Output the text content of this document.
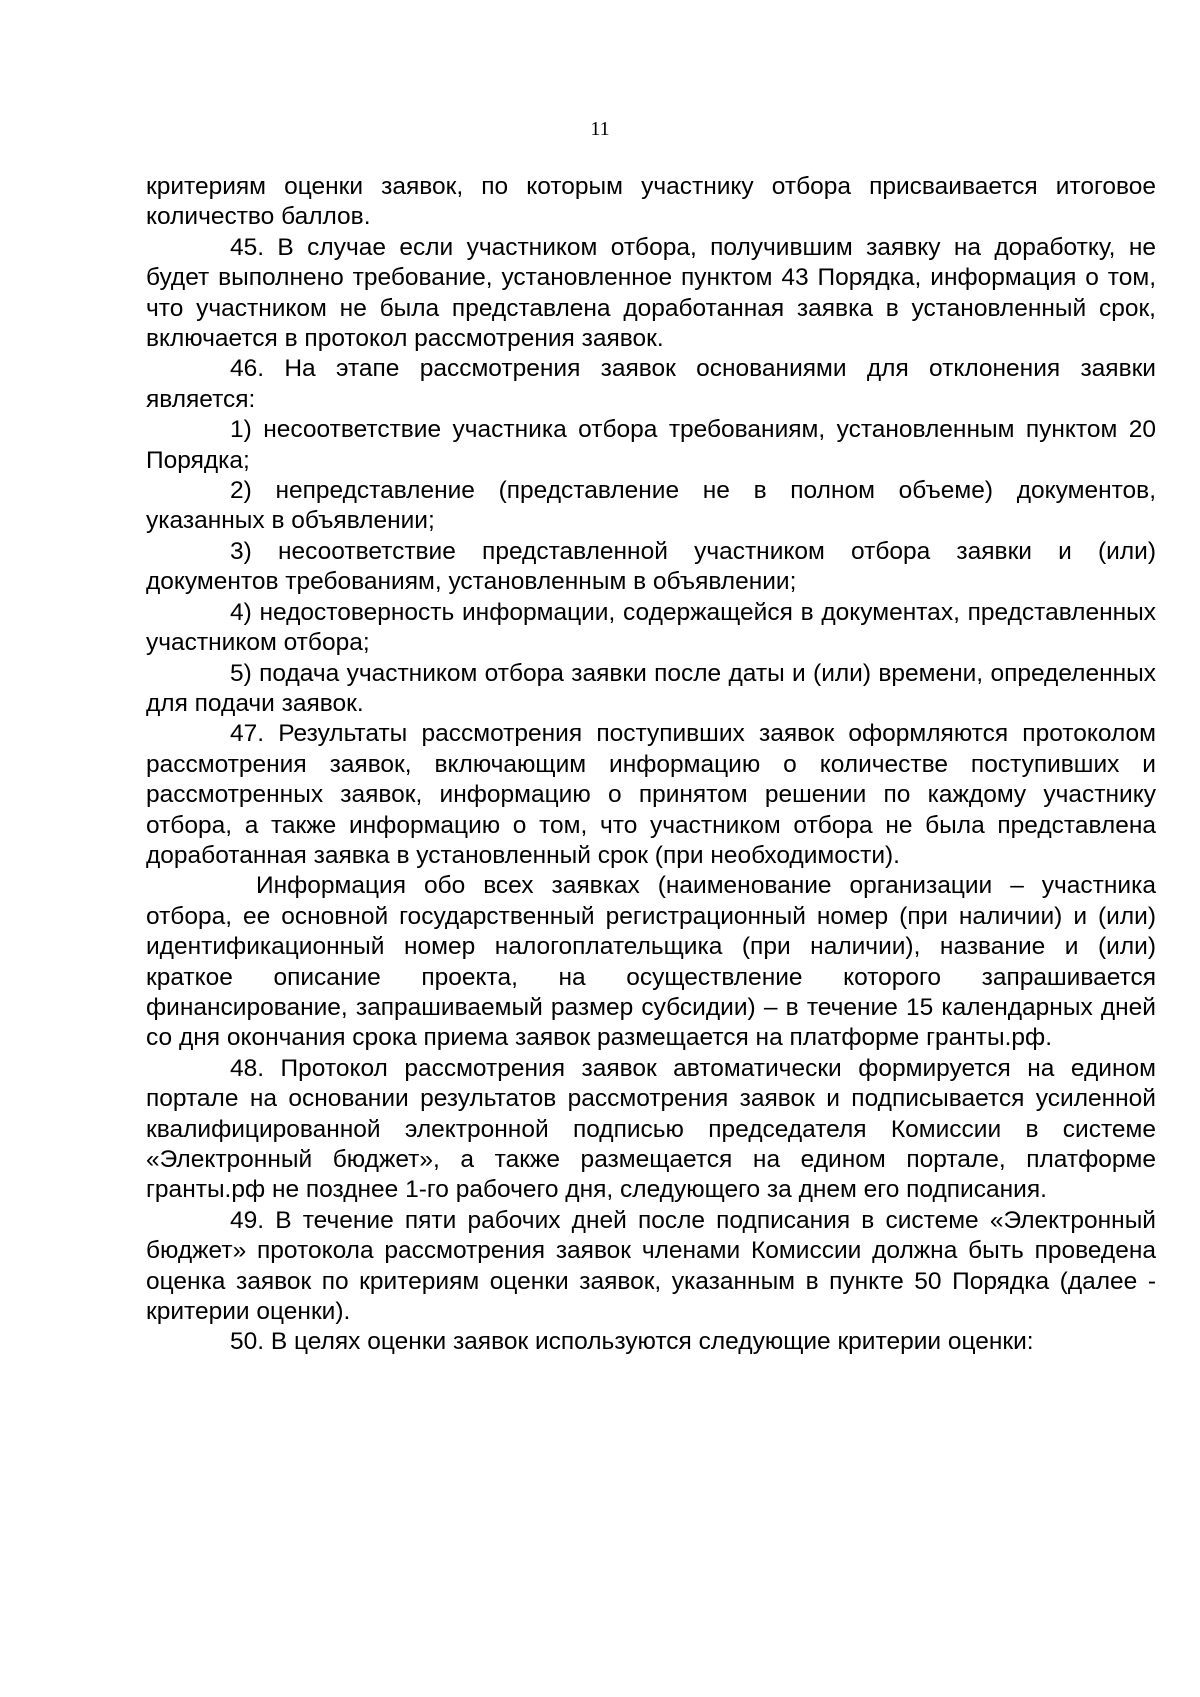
11

критериям оценки заявок, по которым участнику отбора присваивается итоговое количество баллов.

45. В случае если участником отбора, получившим заявку на доработку, не будет выполнено требование, установленное пунктом 43 Порядка, информация о том, что участником не была представлена доработанная заявка в установленный срок, включается в протокол рассмотрения заявок.

46. На этапе рассмотрения заявок основаниями для отклонения заявки является:

1) несоответствие участника отбора требованиям, установленным пунктом 20 Порядка;

2) непредставление (представление не в полном объеме) документов, указанных в объявлении;

3) несоответствие представленной участником отбора заявки и (или) документов требованиям, установленным в объявлении;

4) недостоверность информации, содержащейся в документах, представленных участником отбора;

5) подача участником отбора заявки после даты и (или) времени, определенных для подачи заявок.

47. Результаты рассмотрения поступивших заявок оформляются протоколом рассмотрения заявок, включающим информацию о количестве поступивших и рассмотренных заявок, информацию о принятом решении по каждому участнику отбора, а также информацию о том, что участником отбора не была представлена доработанная заявка в установленный срок (при необходимости).

Информация обо всех заявках (наименование организации – участника отбора, ее основной государственный регистрационный номер (при наличии) и (или) идентификационный номер налогоплательщика (при наличии), название и (или) краткое описание проекта, на осуществление которого запрашивается финансирование, запрашиваемый размер субсидии) – в течение 15 календарных дней со дня окончания срока приема заявок размещается на платформе гранты.рф.

48. Протокол рассмотрения заявок автоматически формируется на едином портале на основании результатов рассмотрения заявок и подписывается усиленной квалифицированной электронной подписью председателя Комиссии в системе «Электронный бюджет», а также размещается на едином портале, платформе гранты.рф не позднее 1-го рабочего дня, следующего за днем его подписания.

49. В течение пяти рабочих дней после подписания в системе «Электронный бюджет» протокола рассмотрения заявок членами Комиссии должна быть проведена оценка заявок по критериям оценки заявок, указанным в пункте 50 Порядка (далее - критерии оценки).

50. В целях оценки заявок используются следующие критерии оценки:
